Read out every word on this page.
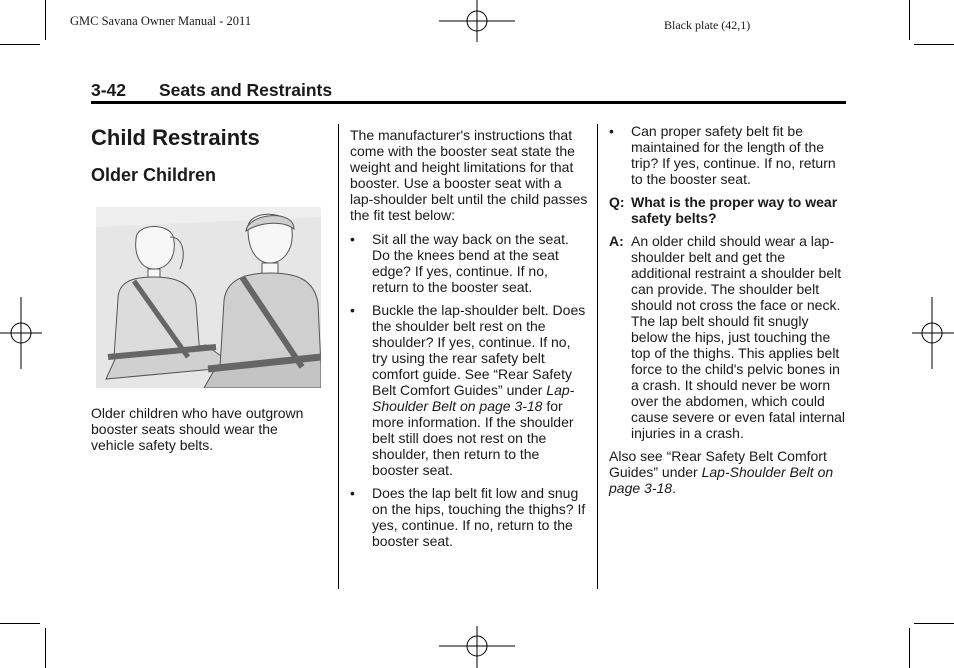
GMC Savana Owner Manual - 2011	Black plate (42,1)
3-42 Seats and Restraints
Child Restraints
Older Children

Older children who have outgrown booster seats should wear the vehicle safety belts.

The manufacturer's instructions that come with the booster seat state the weight and height limitations for that booster. Use a booster seat with a lap-shoulder belt until the child passes the fit test below:

• Sit all the way back on the seat. Do the knees bend at the seat edge? If yes, continue. If no, return to the booster seat.
• Buckle the lap-shoulder belt. Does the shoulder belt rest on the shoulder? If yes, continue. If no, try using the rear safety belt comfort guide. See “Rear Safety Belt Comfort Guides” under Lap-Shoulder Belt on page 3-18 for more information. If the shoulder belt still does not rest on the shoulder, then return to the booster seat.
• Does the lap belt fit low and snug on the hips, touching the thighs? If yes, continue. If no, return to the booster seat.
• Can proper safety belt fit be maintained for the length of the trip? If yes, continue. If no, return to the booster seat.
Q: What is the proper way to wear safety belts?
A: An older child should wear a lap-shoulder belt and get the additional restraint a shoulder belt can provide. The shoulder belt should not cross the face or neck. The lap belt should fit snugly below the hips, just touching the top of the thighs. This applies belt force to the child's pelvic bones in a crash. It should never be worn over the abdomen, which could cause severe or even fatal internal injuries in a crash.

Also see “Rear Safety Belt Comfort Guides” under Lap-Shoulder Belt on page 3-18.
